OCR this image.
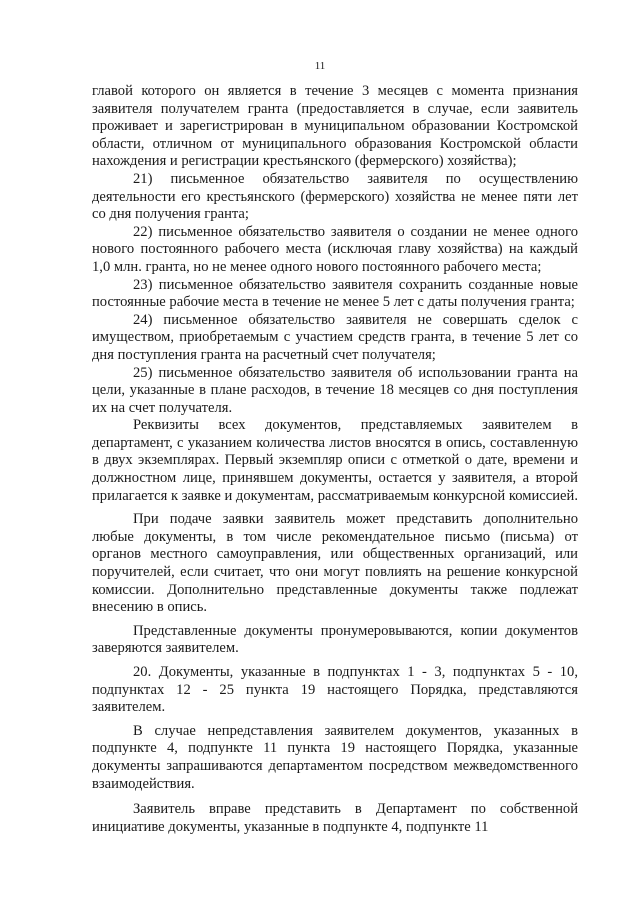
11

главой которого он является в течение 3 месяцев с момента признания заявителя получателем гранта (предоставляется в случае, если заявитель проживает и зарегистрирован в муниципальном образовании Костромской области, отличном от муниципального образования Костромской области нахождения и регистрации крестьянского (фермерского) хозяйства);

21) письменное обязательство заявителя по осуществлению деятельности его крестьянского (фермерского) хозяйства не менее пяти лет со дня получения гранта;

22) письменное обязательство заявителя о создании не менее одного нового постоянного рабочего места (исключая главу хозяйства) на каждый 1,0 млн. гранта, но не менее одного нового постоянного рабочего места;

23) письменное обязательство заявителя сохранить созданные новые постоянные рабочие места в течение не менее 5 лет с даты получения гранта;

24) письменное обязательство заявителя не совершать сделок с имуществом, приобретаемым с участием средств гранта, в течение 5 лет со дня поступления гранта на расчетный счет получателя;

25) письменное обязательство заявителя об использовании гранта на цели, указанные в плане расходов, в течение 18 месяцев со дня поступления их на счет получателя.

Реквизиты всех документов, представляемых заявителем в департамент, с указанием количества листов вносятся в опись, составленную в двух экземплярах. Первый экземпляр описи с отметкой о дате, времени и должностном лице, принявшем документы, остается у заявителя, а второй прилагается к заявке и документам, рассматриваемым конкурсной комиссией.

При подаче заявки заявитель может представить дополнительно любые документы, в том числе рекомендательное письмо (письма) от органов местного самоуправления, или общественных организаций, или поручителей, если считает, что они могут повлиять на решение конкурсной комиссии. Дополнительно представленные документы также подлежат внесению в опись.

Представленные документы пронумеровываются, копии документов заверяются заявителем.

20. Документы, указанные в подпунктах 1 - 3, подпунктах 5 - 10, подпунктах 12 - 25 пункта 19 настоящего Порядка, представляются заявителем.

В случае непредставления заявителем документов, указанных в подпункте 4, подпункте 11 пункта 19 настоящего Порядка, указанные документы запрашиваются департаментом посредством межведомственного взаимодействия.

Заявитель вправе представить в Департамент по собственной инициативе документы, указанные в подпункте 4, подпункте 11
